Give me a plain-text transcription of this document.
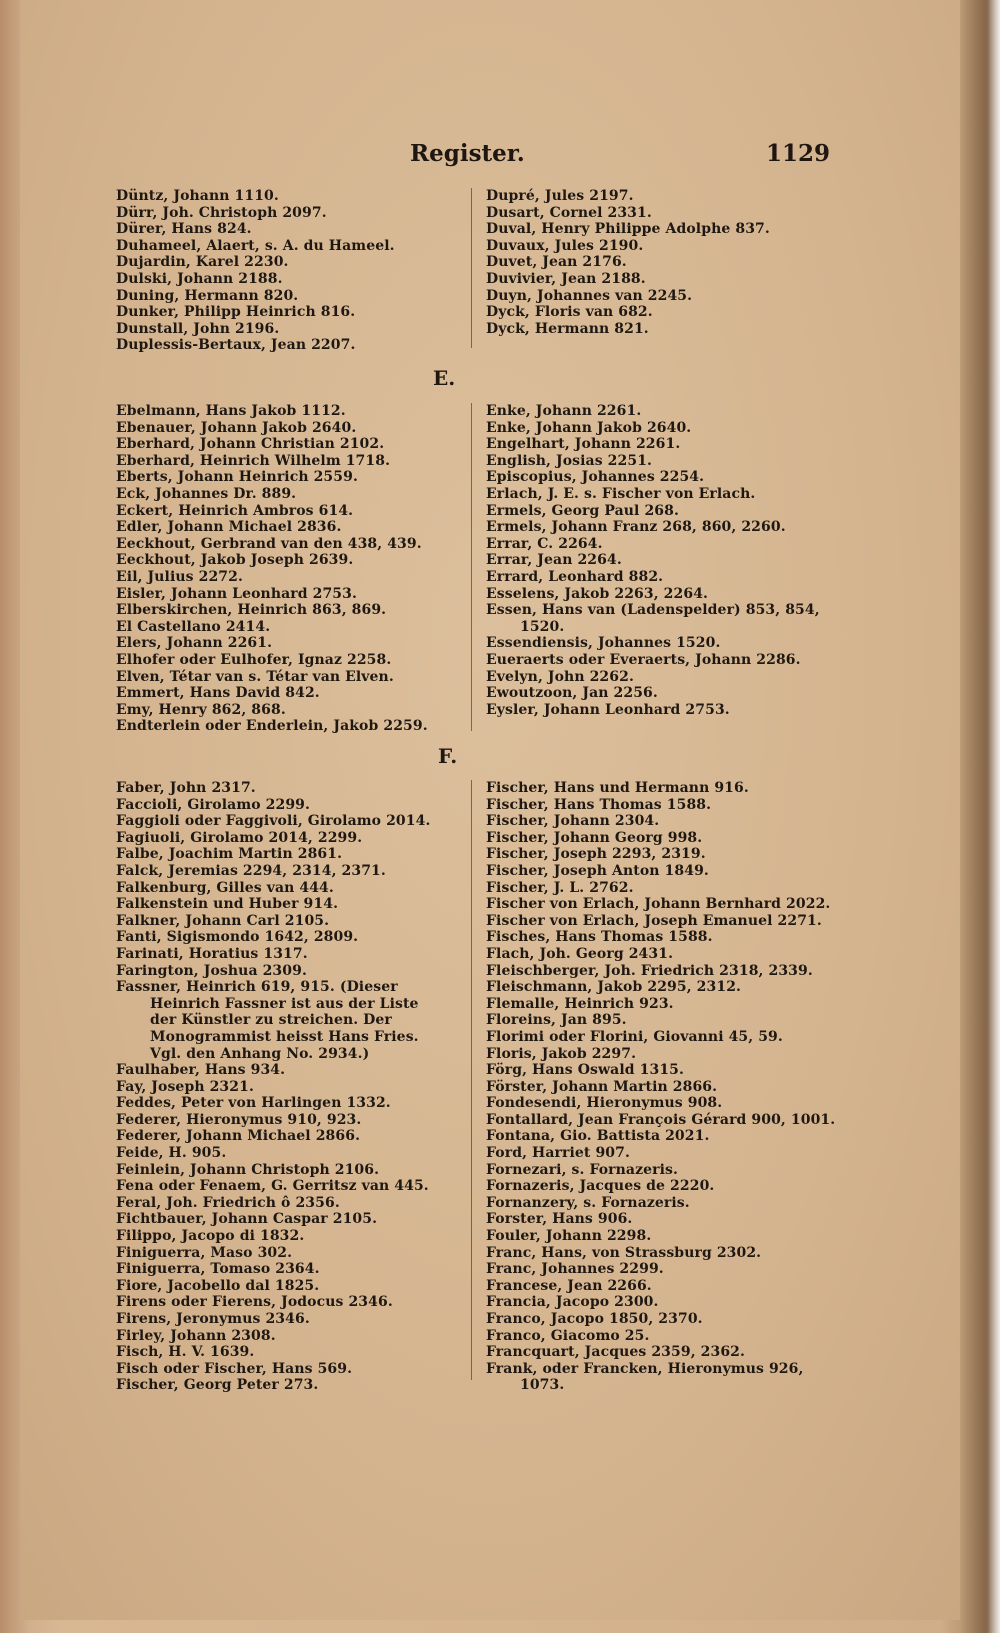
Register.	1129
Düntz, Johann 1110.
Dürr, Joh. Christoph 2097.
Dürer, Hans 824.
Duhameel, Alaert, s. A. du Hameel.
Dujardin, Karel 2230.
Dulski, Johann 2188.
Duning, Hermann 820.
Dunker, Philipp Heinrich 816.
Dunstall, John 2196.
Duplessis-Bertaux, Jean 2207.
Dupré, Jules 2197.
Dusart, Cornel 2331.
Duval, Henry Philippe Adolphe 837.
Duvaux, Jules 2190.
Duvet, Jean 2176.
Duvivier, Jean 2188.
Duyn, Johannes van 2245.
Dyck, Floris van 682.
Dyck, Hermann 821.
E.
Ebelmann, Hans Jakob 1112.
Ebenauer, Johann Jakob 2640.
Eberhard, Johann Christian 2102.
Eberhard, Heinrich Wilhelm 1718.
Eberts, Johann Heinrich 2559.
Eck, Johannes Dr. 889.
Eckert, Heinrich Ambros 614.
Edler, Johann Michael 2836.
Eeckhout, Gerbrand van den 438, 439.
Eeckhout, Jakob Joseph 2639.
Eil, Julius 2272.
Eisler, Johann Leonhard 2753.
Elberskirchen, Heinrich 863, 869.
El Castellano 2414.
Elers, Johann 2261.
Elhofer oder Eulhofer, Ignaz 2258.
Elven, Tétar van s. Tétar van Elven.
Emmert, Hans David 842.
Emy, Henry 862, 868.
Endterlein oder Enderlein, Jakob 2259.
Enke, Johann 2261.
Enke, Johann Jakob 2640.
Engelhart, Johann 2261.
English, Josias 2251.
Episcopius, Johannes 2254.
Erlach, J. E. s. Fischer von Erlach.
Ermels, Georg Paul 268.
Ermels, Johann Franz 268, 860, 2260.
Errar, C. 2264.
Errar, Jean 2264.
Errard, Leonhard 882.
Esselens, Jakob 2263, 2264.
Essen, Hans van (Ladenspelder) 853, 854, 1520.
Essendiensis, Johannes 1520.
Eueraerts oder Everaerts, Johann 2286.
Evelyn, John 2262.
Ewoutzoon, Jan 2256.
Eysler, Johann Leonhard 2753.
F.
Faber, John 2317.
Faccioli, Girolamo 2299.
Faggioli oder Faggivoli, Girolamo 2014.
Fagiuoli, Girolamo 2014, 2299.
Falbe, Joachim Martin 2861.
Falck, Jeremias 2294, 2314, 2371.
Falkenburg, Gilles van 444.
Falkenstein und Huber 914.
Falkner, Johann Carl 2105.
Fanti, Sigismondo 1642, 2809.
Farinati, Horatius 1317.
Farington, Joshua 2309.
Fassner, Heinrich 619, 915. (Dieser Heinrich Fassner ist aus der Liste der Künstler zu streichen. Der Monogrammist heisst Hans Fries. Vgl. den Anhang No. 2934.)
Faulhaber, Hans 934.
Fay, Joseph 2321.
Feddes, Peter von Harlingen 1332.
Federer, Hieronymus 910, 923.
Federer, Johann Michael 2866.
Feide, H. 905.
Feinlein, Johann Christoph 2106.
Fena oder Fenaem, G. Gerritsz van 445.
Feral, Joh. Friedrich ô 2356.
Fichtbauer, Johann Caspar 2105.
Filippo, Jacopo di 1832.
Finiguerra, Maso 302.
Finiguerra, Tomaso 2364.
Fiore, Jacobello dal 1825.
Firens oder Fierens, Jodocus 2346.
Firens, Jeronymus 2346.
Firley, Johann 2308.
Fisch, H. V. 1639.
Fisch oder Fischer, Hans 569.
Fischer, Georg Peter 273.
Fischer, Hans und Hermann 916.
Fischer, Hans Thomas 1588.
Fischer, Johann 2304.
Fischer, Johann Georg 998.
Fischer, Joseph 2293, 2319.
Fischer, Joseph Anton 1849.
Fischer, J. L. 2762.
Fischer von Erlach, Johann Bernhard 2022.
Fischer von Erlach, Joseph Emanuel 2271.
Fisches, Hans Thomas 1588.
Flach, Joh. Georg 2431.
Fleischberger, Joh. Friedrich 2318, 2339.
Fleischmann, Jakob 2295, 2312.
Flemalle, Heinrich 923.
Floreins, Jan 895.
Florimi oder Florini, Giovanni 45, 59.
Floris, Jakob 2297.
Förg, Hans Oswald 1315.
Förster, Johann Martin 2866.
Fondesendi, Hieronymus 908.
Fontallard, Jean François Gérard 900, 1001.
Fontana, Gio. Battista 2021.
Ford, Harriet 907.
Fornezari, s. Fornazeris.
Fornazeris, Jacques de 2220.
Fornanzery, s. Fornazeris.
Forster, Hans 906.
Fouler, Johann 2298.
Franc, Hans, von Strassburg 2302.
Franc, Johannes 2299.
Francese, Jean 2266.
Francia, Jacopo 2300.
Franco, Jacopo 1850, 2370.
Franco, Giacomo 25.
Francquart, Jacques 2359, 2362.
Frank, oder Francken, Hieronymus 926, 1073.
